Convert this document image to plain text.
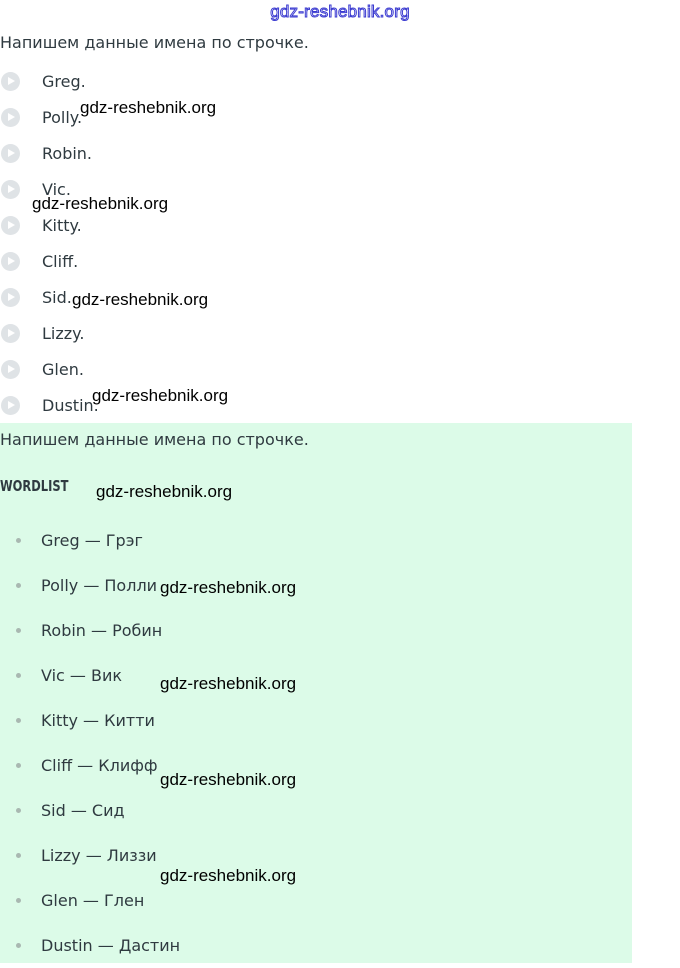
gdz-reshebnik.org
Напишем данные имена по строчке.
Greg.
Polly.
Robin.
Vic.
Kitty.
Cliff.
Sid.
Lizzy.
Glen.
Dustin.
Напишем данные имена по строчке.
WORDLIST
Greg — Грэг
Polly — Полли
Robin — Робин
Vic — Вик
Kitty — Китти
Cliff — Клифф
Sid — Сид
Lizzy — Лиззи
Glen — Глен
Dustin — Дастин
gdz-reshebnik.org
gdz-reshebnik.org
gdz-reshebnik.org
gdz-reshebnik.org
gdz-reshebnik.org
gdz-reshebnik.org
gdz-reshebnik.org
gdz-reshebnik.org
gdz-reshebnik.org
